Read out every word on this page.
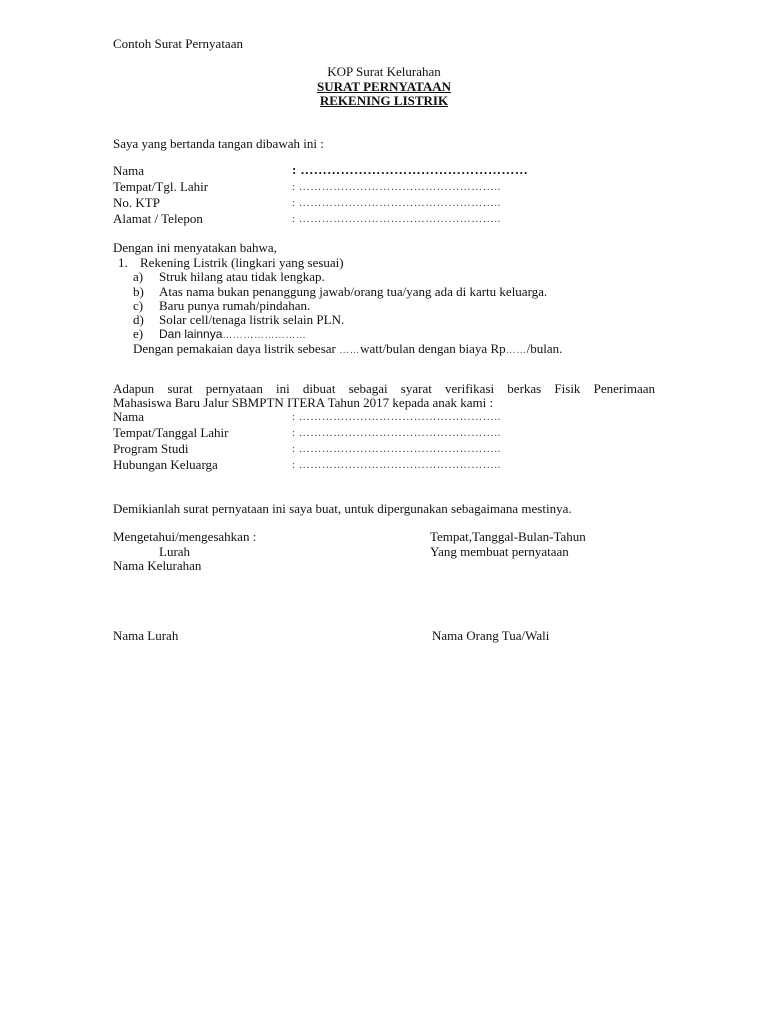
Contoh Surat Pernyataan
KOP Surat Kelurahan
SURAT PERNYATAAN
REKENING LISTRIK
Saya yang bertanda tangan dibawah ini :
Nama	: ……………………………………………
Tempat/Tgl. Lahir	: ……………………………………………..
No. KTP	: ……………………………………………..
Alamat / Telepon	: ……………………………………………..
Dengan ini menyatakan bahwa,
1. Rekening Listrik (lingkari yang sesuai)
a) Struk hilang atau tidak lengkap.
b) Atas nama bukan penanggung jawab/orang tua/yang ada di kartu keluarga.
c) Baru punya rumah/pindahan.
d) Solar cell/tenaga listrik selain PLN.
e) Dan lainnya……………………
Dengan pemakaian daya listrik sebesar ……watt/bulan dengan biaya Rp……/bulan.
Adapun surat pernyataan ini dibuat sebagai syarat verifikasi berkas Fisik Penerimaan
Mahasiswa Baru Jalur SBMPTN ITERA Tahun 2017 kepada anak kami :
Nama	: ……………………………………………..
Tempat/Tanggal Lahir	: ……………………………………………..
Program Studi	: ……………………………………………..
Hubungan Keluarga	: ……………………………………………..
Demikianlah surat pernyataan ini saya buat, untuk dipergunakan sebagaimana mestinya.
Mengetahui/mengesahkan :
Lurah
Nama Kelurahan
Tempat,Tanggal-Bulan-Tahun
Yang membuat pernyataan
Nama Lurah	Nama Orang Tua/Wali
